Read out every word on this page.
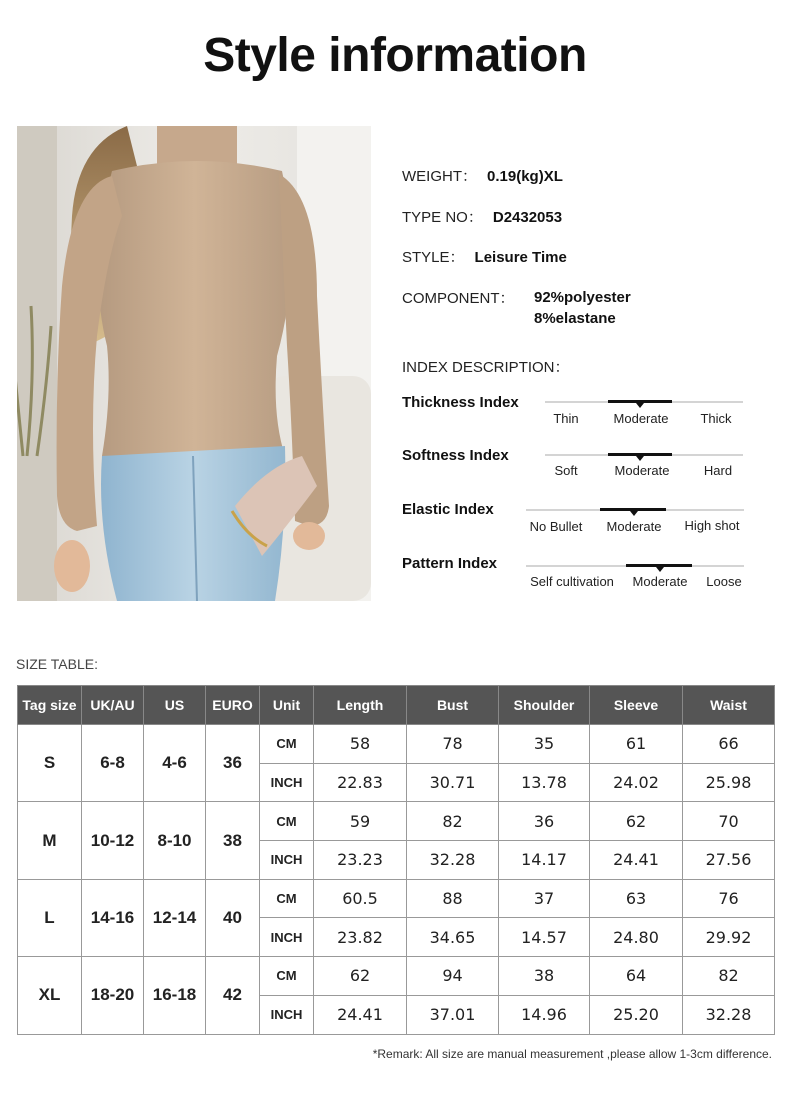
Style information
WEIGHT： 0.19(kg)XL
TYPE NO： D2432053
STYLE： Leisure Time
COMPONENT： 92%polyester
8%elastane
INDEX DESCRIPTION：
Thickness Index
Thin	Moderate Thick
Softness Index
Soft	Moderate	Hard
Elastic Index
No Bullet Moderate High shot
Pattern Index
Self cultivation Moderate Loose
SIZE TABLE:
Tag size	UK/AU	US	EURO	Unit	Length	Bust	Shoulder	Sleeve	Waist
S	6-8	4-6	36	CM	58	78	35	61	66
				INCH	22.83	30.71	13.78	24.02	25.98
M	10-12	8-10	38	CM	59	82	36	62	70
				INCH	23.23	32.28	14.17	24.41	27.56
L	14-16	12-14	40	CM	60.5	88	37	63	76
				INCH	23.82	34.65	14.57	24.80	29.92
XL	18-20	16-18	42	CM	62	94	38	64	82
				INCH	24.41	37.01	14.96	25.20	32.28
*Remark: All size are manual measurement ,please allow 1-3cm difference.
